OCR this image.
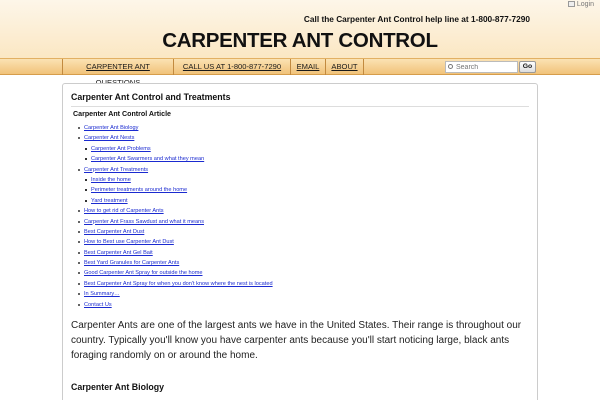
Login
Call the Carpenter Ant Control help line at 1-800-877-7290
CARPENTER ANT CONTROL
CARPENTER ANT	CALL US AT 1-800-877-7290	EMAIL	ABOUT
Search	Go
Carpenter Ant Control and Treatments
Carpenter Ant Control Article
Carpenter Ant Biology
Carpenter Ant Nests
Carpenter Ant Problems
Carpenter Ant Swarmers and what they mean
Carpenter Ant Treatments
Inside the home
Perimeter treatments around the home
Yard treatment
How to get rid of Carpenter Ants
Carpenter Ant Frass Sawdust and what it means
Best Carpenter Ant Dust
How to Best use Carpenter Ant Dust
Best Carpenter Ant Gel Bait
Best Yard Granules for Carpenter Ants
Good Carpenter Ant Spray for outside the home
Best Carpenter Ant Spray for when you don't know where the nest is located
In Summary…
Contact Us

Carpenter Ants are one of the largest ants we have in the United States. Their range is throughout our country. Typically you'll know you have carpenter ants because you'll start noticing large, black ants foraging randomly on or around the home.

Carpenter Ant Biology
